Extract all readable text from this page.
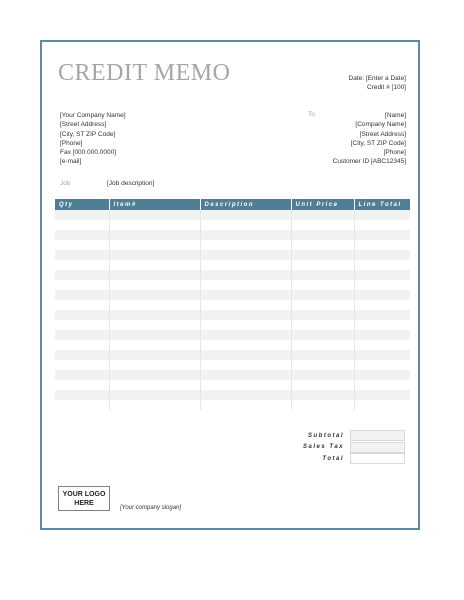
CREDIT MEMO	Date: [Enter a Date]
Credit # [100]
[Your Company Name]
[Street Address]
[City, ST ZIP Code]
[Phone]
Fax [000.000.0000]
[e-mail]
To	[Name]
[Company Name]
[Street Address]
[City, ST ZIP Code]
[Phone]
Customer ID [ABC12345]
Job	[Job description]
Qty	Item#	Description	Unit Price	Line Total

Subtotal
Sales Tax
Total
YOUR LOGO
HERE
[Your company slogan]
